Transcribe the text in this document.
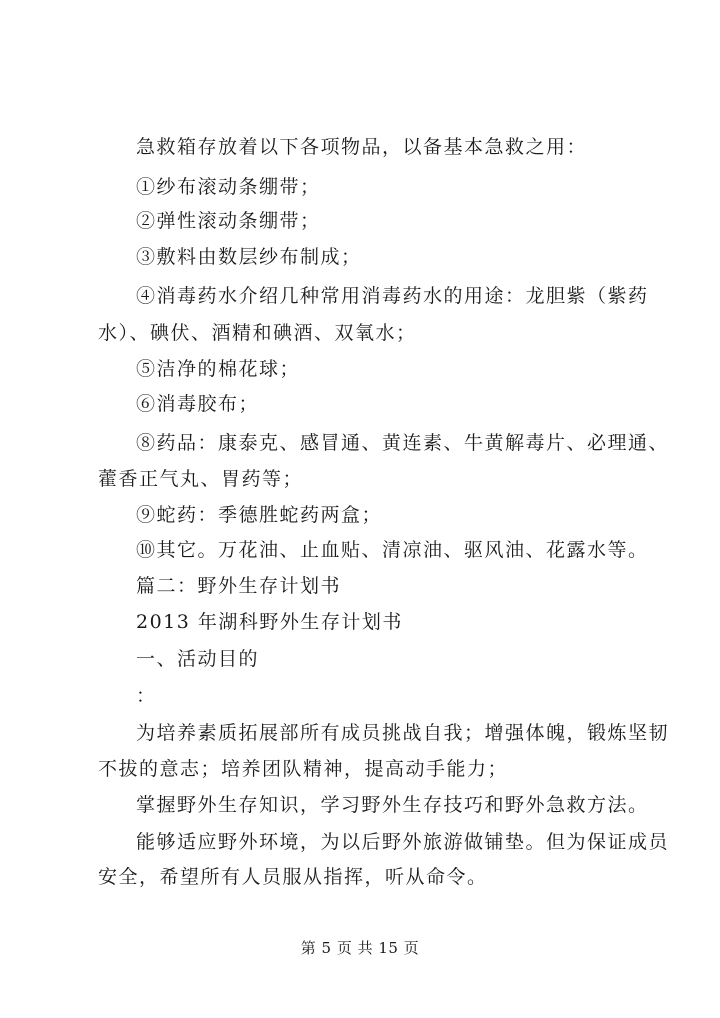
急救箱存放着以下各项物品，以备基本急救之用：
①纱布滚动条绷带；
②弹性滚动条绷带；
③敷料由数层纱布制成；
④消毒药水介绍几种常用消毒药水的用途：龙胆紫（紫药
水）、碘伏、酒精和碘酒、双氧水；
⑤洁净的棉花球；
⑥消毒胶布；
⑧药品：康泰克、感冒通、黄连素、牛黄解毒片、必理通、
藿香正气丸、胃药等；
⑨蛇药：季德胜蛇药两盒；
⑩其它。万花油、止血贴、清凉油、驱风油、花露水等。
篇二：野外生存计划书
2013 年湖科野外生存计划书
一、活动目的
：
为培养素质拓展部所有成员挑战自我；增强体魄，锻炼坚韧
不拔的意志；培养团队精神，提高动手能力；
掌握野外生存知识，学习野外生存技巧和野外急救方法。
能够适应野外环境，为以后野外旅游做铺垫。但为保证成员
安全，希望所有人员服从指挥，听从命令。
第 5 页 共 15 页
